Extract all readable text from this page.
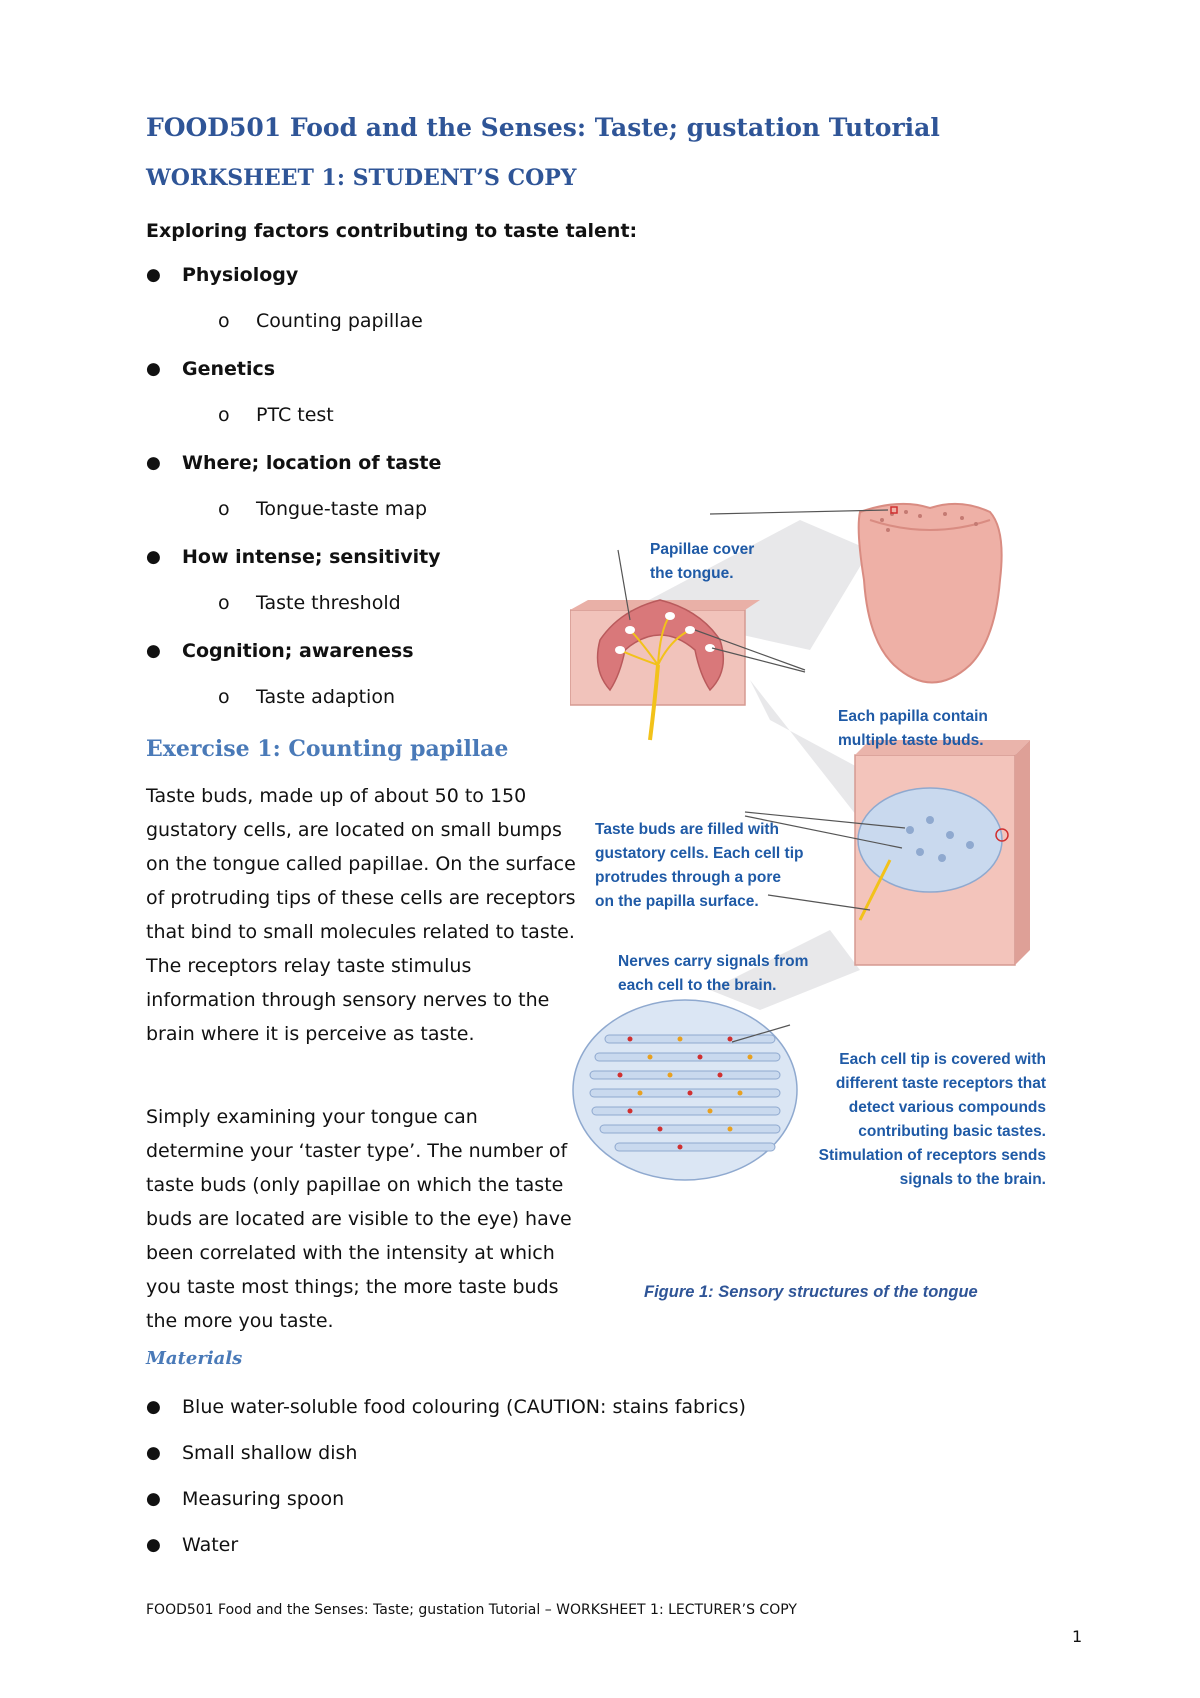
FOOD501 Food and the Senses: Taste; gustation Tutorial
WORKSHEET 1: STUDENT’S COPY
Exploring factors contributing to taste talent:
● Physiology
o Counting papillae
● Genetics
o PTC test
● Where; location of taste
o Tongue-taste map
● How intense; sensitivity
o Taste threshold
● Cognition; awareness
o Taste adaption
Exercise 1: Counting papillae

Taste buds, made up of about 50 to 150 gustatory cells, are located on small bumps on the tongue called papillae. On the surface of protruding tips of these cells are receptors that bind to small molecules related to taste. The receptors relay taste stimulus information through sensory nerves to the brain where it is perceive as taste.

Simply examining your tongue can determine your ‘taster type’. The number of taste buds (only papillae on which the taste buds are located are visible to the eye) have been correlated with the intensity at which you taste most things; the more taste buds the more you taste.

Materials
● Blue water-soluble food colouring (CAUTION: stains fabrics)
● Small shallow dish
● Measuring spoon
● Water
Papillae cover
the tongue.
Each papilla contain
multiple taste buds.
Taste buds are filled with
gustatory cells. Each cell tip
protrudes through a pore
on the papilla surface.
Nerves carry signals from
each cell to the brain.
Each cell tip is covered with
different taste receptors that
detect various compounds
contributing basic tastes.
Stimulation of receptors sends
signals to the brain.
Figure 1: Sensory structures of the tongue
FOOD501 Food and the Senses: Taste; gustation Tutorial – WORKSHEET 1: LECTURER’S COPY
1
